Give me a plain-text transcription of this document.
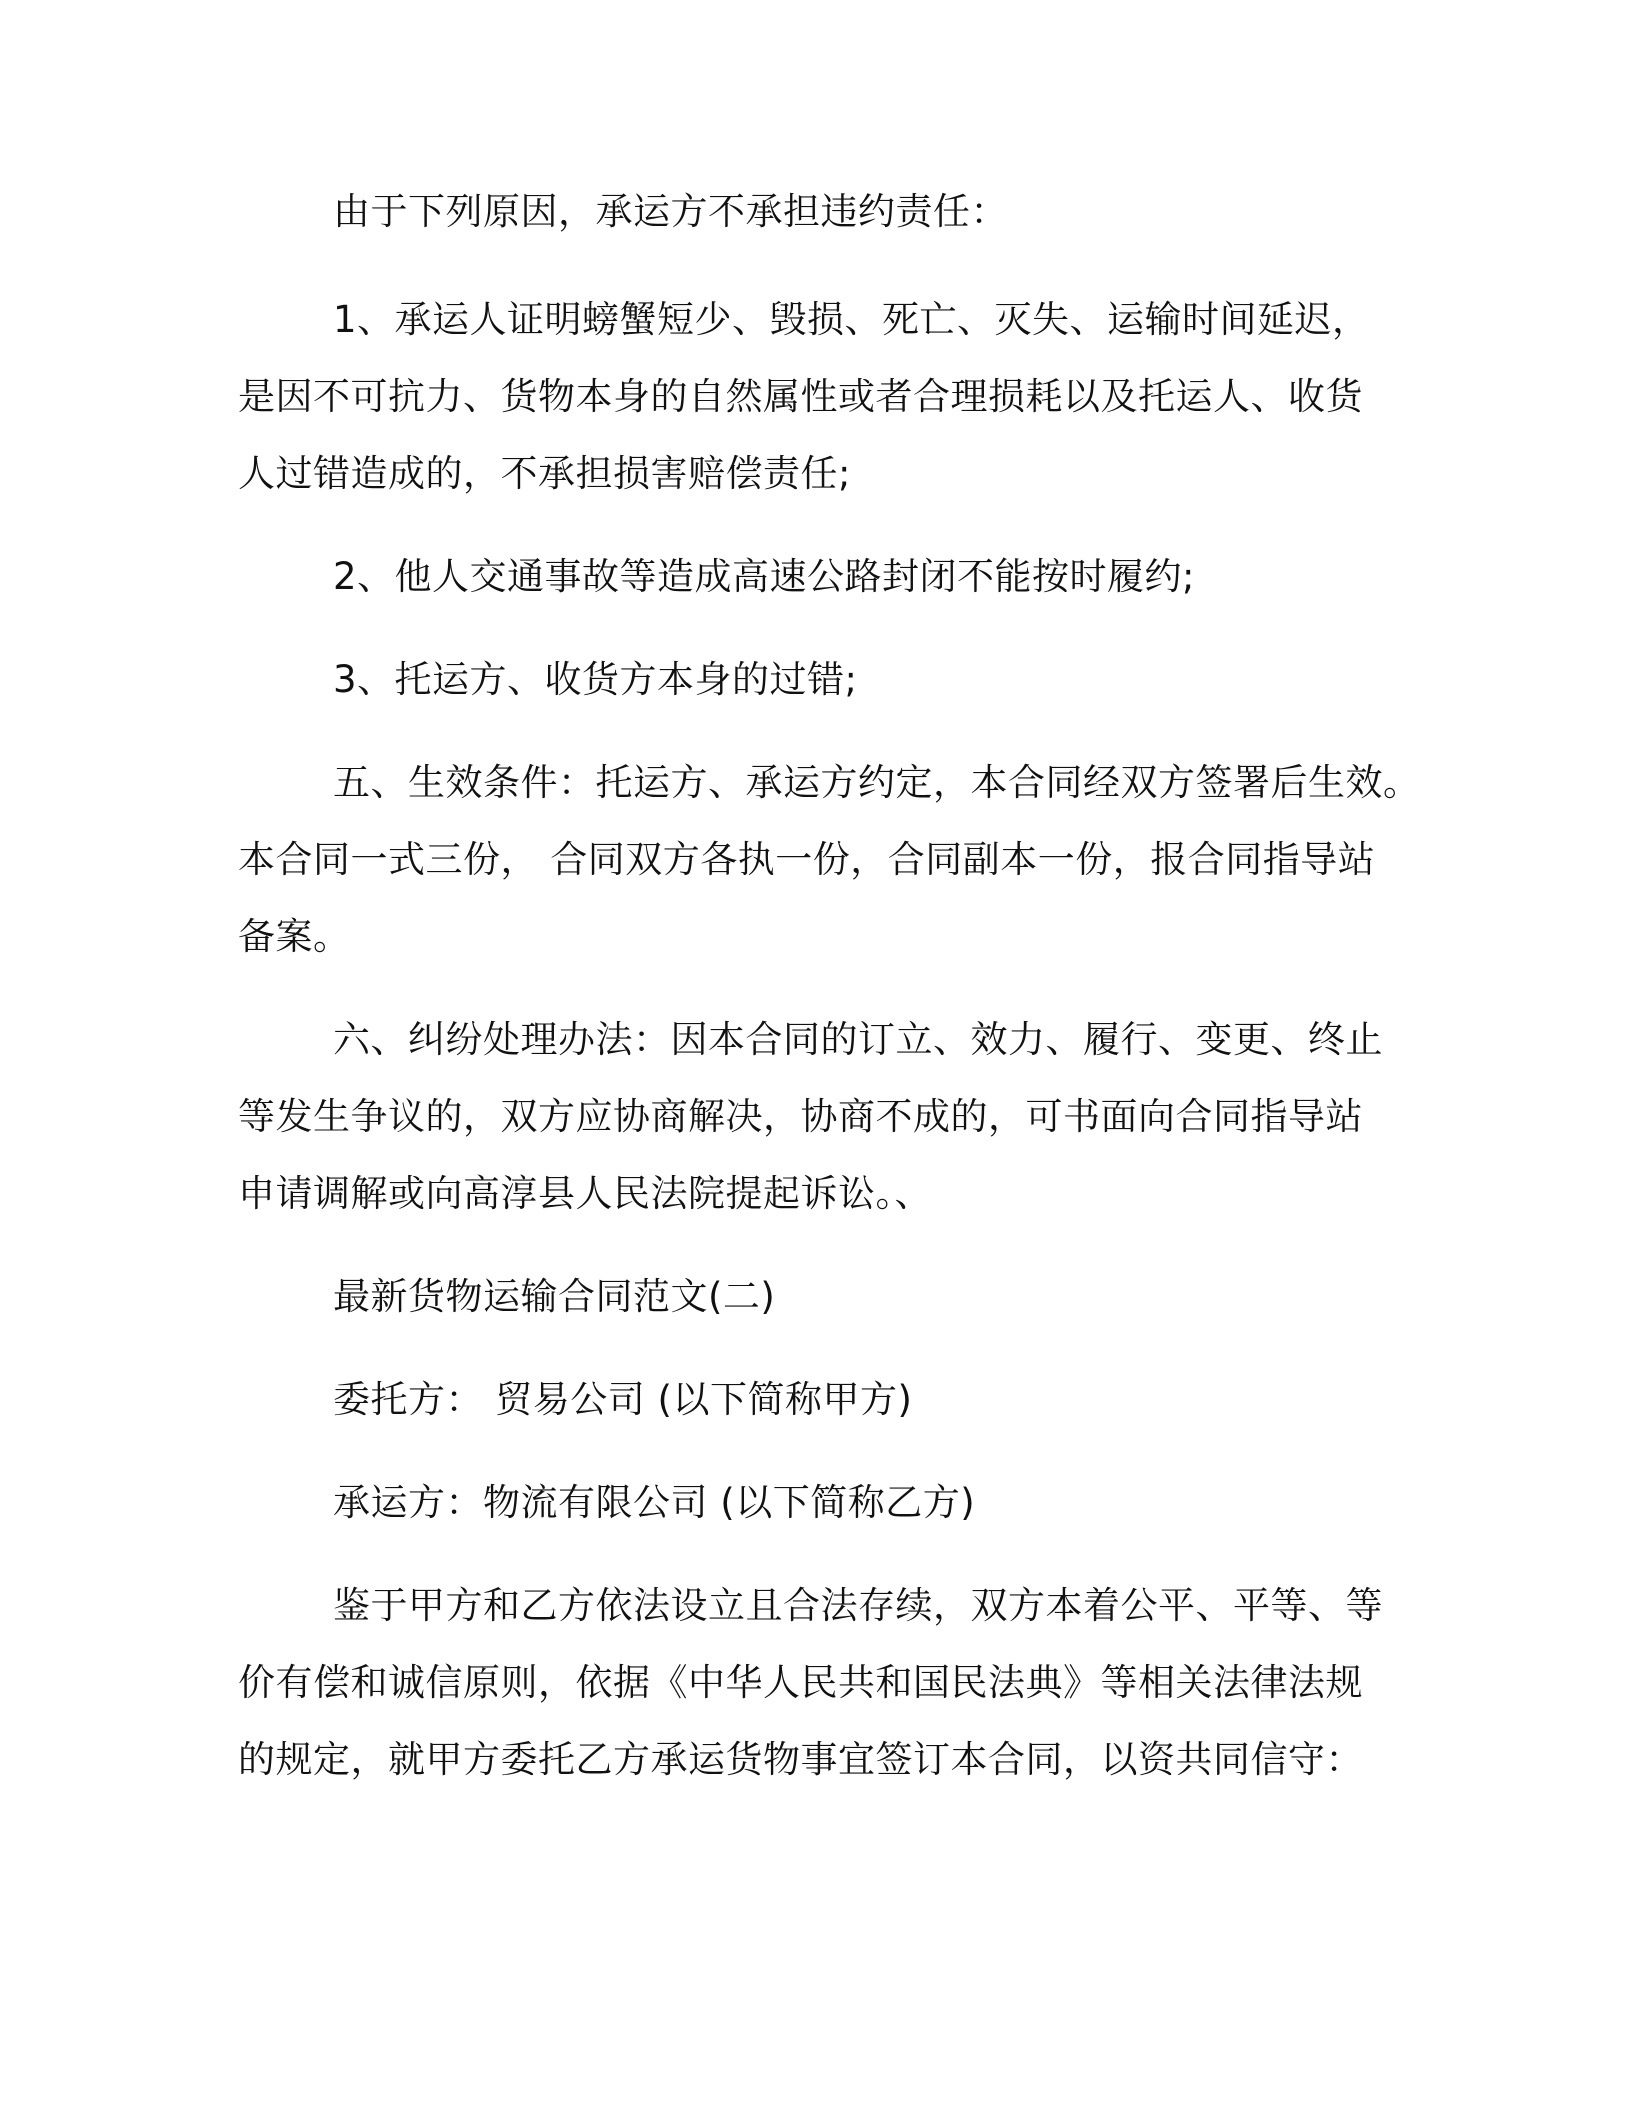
由于下列原因，承运方不承担违约责任：
1、承运人证明螃蟹短少、毁损、死亡、灭失、运输时间延迟，
是因不可抗力、货物本身的自然属性或者合理损耗以及托运人、收货
人过错造成的，不承担损害赔偿责任;
2、他人交通事故等造成高速公路封闭不能按时履约;
3、托运方、收货方本身的过错;
五、生效条件：托运方、承运方约定，本合同经双方签署后生效。
本合同一式三份， 合同双方各执一份，合同副本一份，报合同指导站
备案。
六、纠纷处理办法：因本合同的订立、效力、履行、变更、终止
等发生争议的，双方应协商解决，协商不成的，可书面向合同指导站
申请调解或向高淳县人民法院提起诉讼。、
最新货物运输合同范文(二)
委托方： 贸易公司 (以下简称甲方)
承运方：物流有限公司 (以下简称乙方)
鉴于甲方和乙方依法设立且合法存续，双方本着公平、平等、等
价有偿和诚信原则，依据《中华人民共和国民法典》等相关法律法规
的规定，就甲方委托乙方承运货物事宜签订本合同，以资共同信守：
